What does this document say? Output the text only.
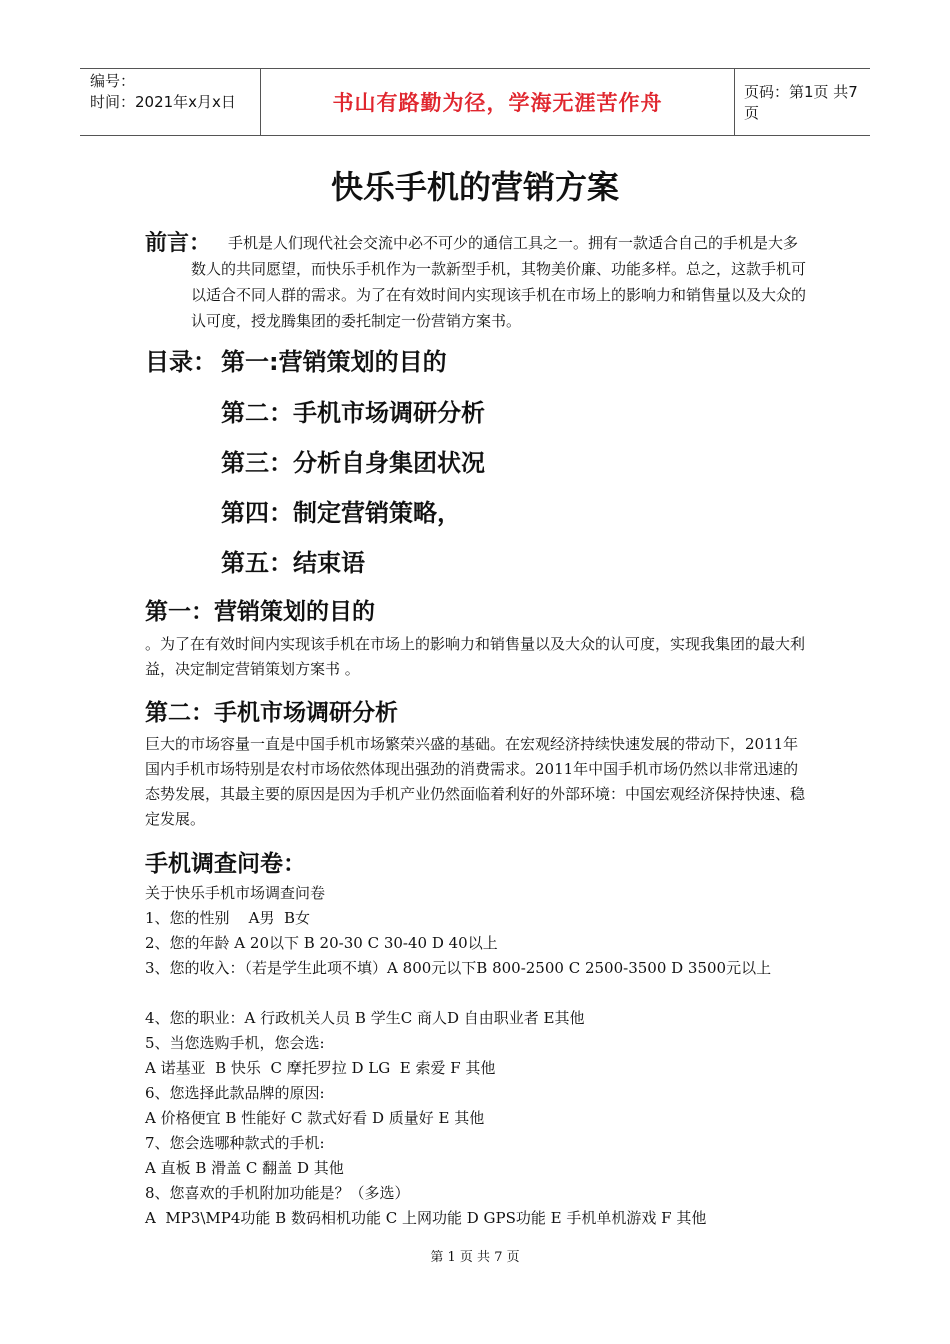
编号：
时间：2021年x月x日	书山有路勤为径，学海无涯苦作舟	页码：第1页 共7页
快乐手机的营销方案
前言：	手机是人们现代社会交流中必不可少的通信工具之一。拥有一款适合自己的手机是大多数人的共同愿望，而快乐手机作为一款新型手机，其物美价廉、功能多样。总之，这款手机可以适合不同人群的需求。为了在有效时间内实现该手机在市场上的影响力和销售量以及大众的认可度，授龙腾集团的委托制定一份营销方案书。
目录： 第一:营销策划的目的
第二：手机市场调研分析
第三：分析自身集团状况
第四：制定营销策略，
第五：结束语
第一：营销策划的目的
。为了在有效时间内实现该手机在市场上的影响力和销售量以及大众的认可度，实现我集团的最大利益，决定制定营销策划方案书 。
第二：手机市场调研分析
巨大的市场容量一直是中国手机市场繁荣兴盛的基础。在宏观经济持续快速发展的带动下，2011年国内手机市场特别是农村市场依然体现出强劲的消费需求。2011年中国手机市场仍然以非常迅速的态势发展，其最主要的原因是因为手机产业仍然面临着利好的外部环境：中国宏观经济保持快速、稳定发展。
手机调查问卷：
关于快乐手机市场调查问卷
1、您的性别    A男  B女
2、您的年龄 A 20以下 B 20-30 C 30-40 D 40以上
3、您的收入：（若是学生此项不填）A 800元以下B 800-2500 C 2500-3500 D 3500元以上
4、您的职业：A 行政机关人员 B 学生C 商人D 自由职业者 E其他
5、当您选购手机，您会选:
A 诺基亚  B 快乐  C 摩托罗拉 D LG  E 索爱 F 其他
6、您选择此款品牌的原因:
A 价格便宜 B 性能好 C 款式好看 D 质量好 E 其他
7、您会选哪种款式的手机:
A 直板 B 滑盖 C 翻盖 D 其他
8、您喜欢的手机附加功能是？（多选）
A  MP3\MP4功能 B 数码相机功能 C 上网功能 D GPS功能 E 手机单机游戏 F 其他
第 1 页 共 7 页
